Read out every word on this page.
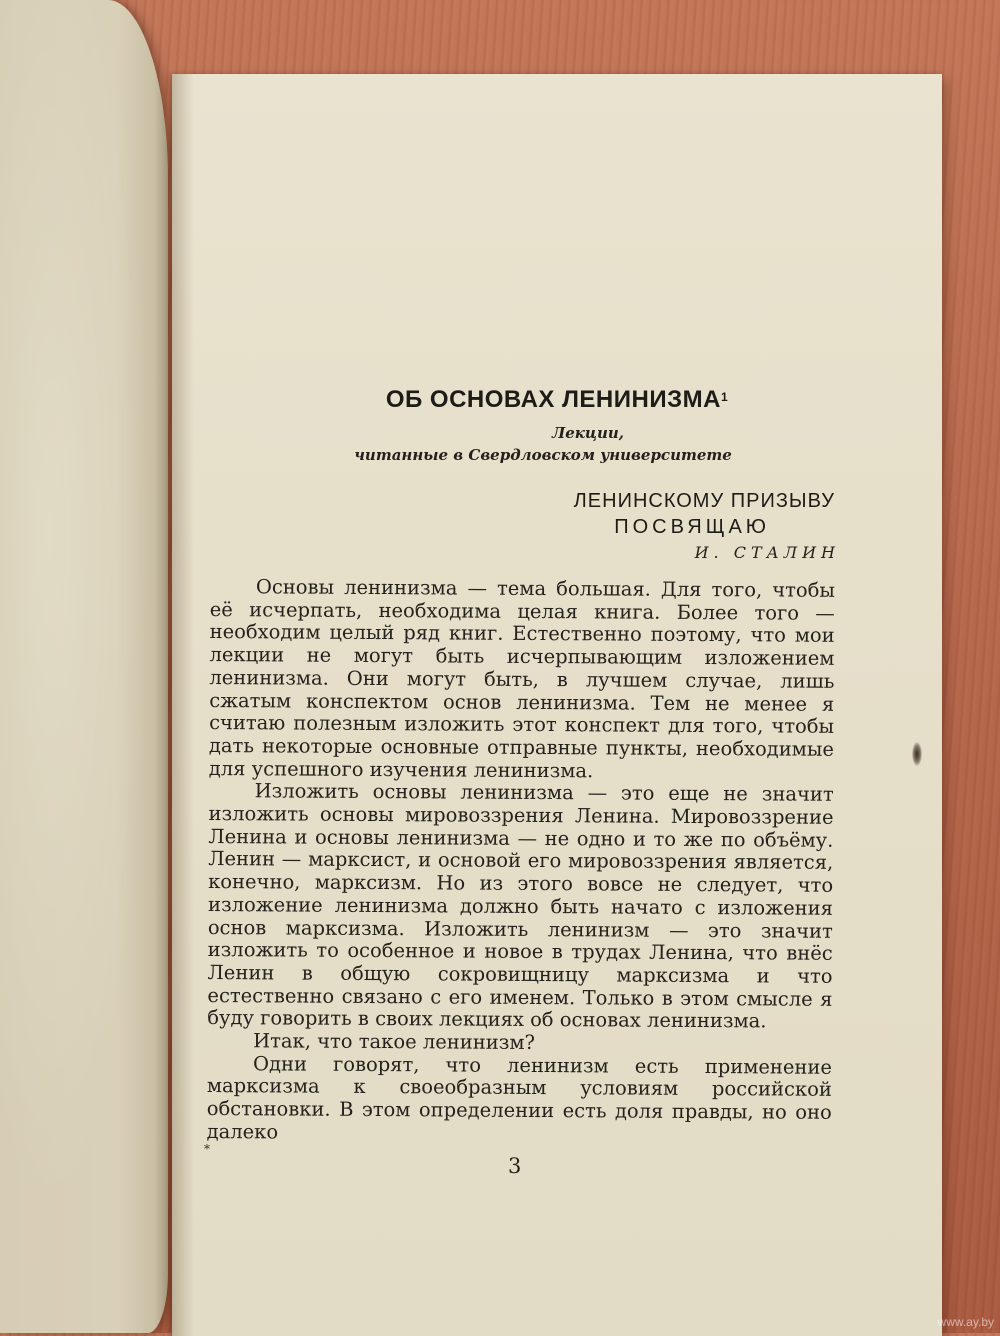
ОБ ОСНОВАХ ЛЕНИНИЗМА$^1$
Лекции,
читанные в Свердловском университете
ЛЕНИНСКОМУ ПРИЗЫВУ
ПОСВЯЩАЮ
И. СТАЛИН

Основы ленинизма — тема большая. Для того, чтобы её исчерпать, необходима целая книга. Более того — необходим целый ряд книг. Естественно поэтому, что мои лекции не могут быть исчерпывающим изложением ленинизма. Они могут быть, в лучшем случае, лишь сжатым конспектом основ ленинизма. Тем не менее я считаю полезным изложить этот конспект для того, чтобы дать некоторые основные отправные пункты, необходимые для успешного изучения ленинизма.

Изложить основы ленинизма — это еще не значит изложить основы мировоззрения Ленина. Мировоззрение Ленина и основы ленинизма — не одно и то же по объёму. Ленин — марксист, и основой его мировоззрения является, конечно, марксизм. Но из этого вовсе не следует, что изложение ленинизма должно быть начато с изложения основ марксизма. Изложить ленинизм — это значит изложить то особенное и новое в трудах Ленина, что внёс Ленин в общую сокровищницу марксизма и что естественно связано с его именем. Только в этом смысле я буду говорить в своих лекциях об основах ленинизма.

Итак, что такое ленинизм?

Одни говорят, что ленинизм есть применение марксизма к своеобразным условиям российской обстановки. В этом определении есть доля правды, но оно далеко

*
3
www.ay.by
